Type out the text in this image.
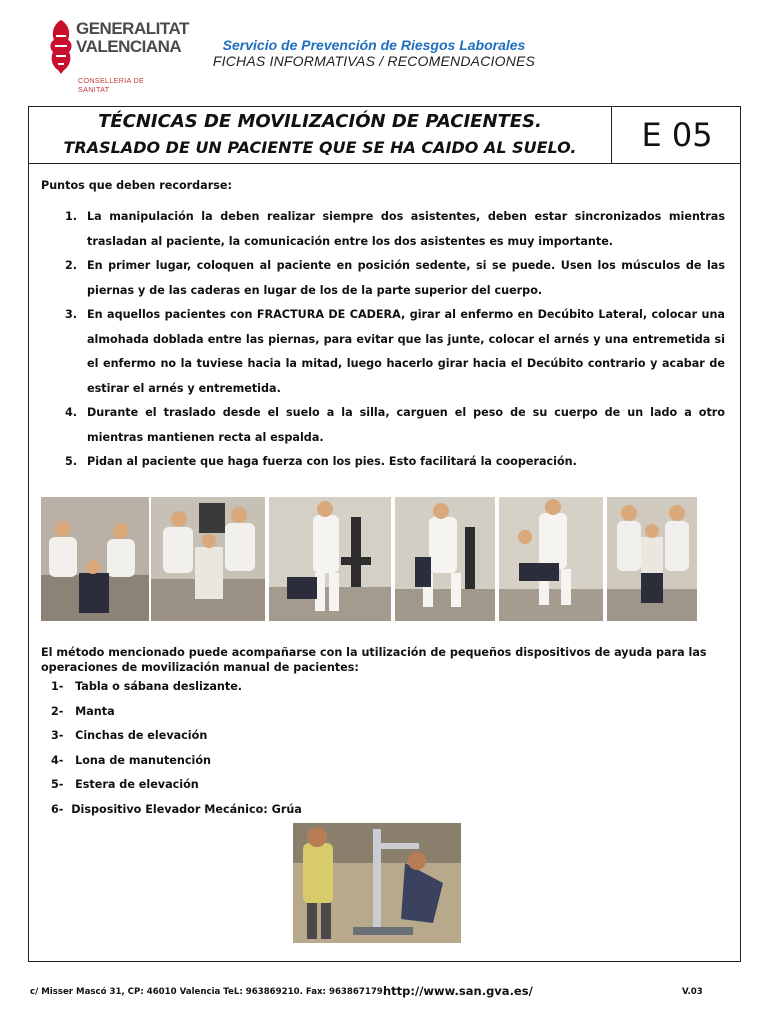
GENERALITAT
VALENCIANA
CONSELLERIA DE SANITAT
Servicio de Prevención de Riesgos Laborales
FICHAS INFORMATIVAS / RECOMENDACIONES
TÉCNICAS DE MOVILIZACIÓN DE PACIENTES.
TRASLADO DE UN PACIENTE QUE SE HA CAIDO AL SUELO.	E 05
Puntos que deben recordarse:
1. La manipulación la deben realizar siempre dos asistentes, deben estar sincronizados mientras trasladan al paciente, la comunicación entre los dos asistentes es muy importante.
2. En primer lugar, coloquen al paciente en posición sedente, si se puede. Usen los músculos de las piernas y de las caderas en lugar de los de la parte superior del cuerpo.
3. En aquellos pacientes con FRACTURA DE CADERA, girar al enfermo en Decúbito Lateral, colocar una almohada doblada entre las piernas, para evitar que las junte, colocar el arnés y una entremetida si el enfermo no la tuviese hacia la mitad, luego hacerlo girar hacia el Decúbito contrario y acabar de estirar el arnés y entremetida.
4. Durante el traslado desde el suelo a la silla, carguen el peso de su cuerpo de un lado a otro mientras mantienen recta al espalda.
5. Pidan al paciente que haga fuerza con los pies. Esto facilitará la cooperación.
El método mencionado puede acompañarse con la utilización de pequeños dispositivos de ayuda para las operaciones de movilización manual de pacientes:
1-   Tabla o sábana deslizante.
2-   Manta
3-   Cinchas de elevación
4-   Lona de manutención
5-   Estera de elevación
6-  Dispositivo Elevador Mecánico: Grúa
c/ Misser Mascó 31, CP: 46010 Valencia TeL: 963869210. Fax: 963867179.
http://www.san.gva.es/	V.03
